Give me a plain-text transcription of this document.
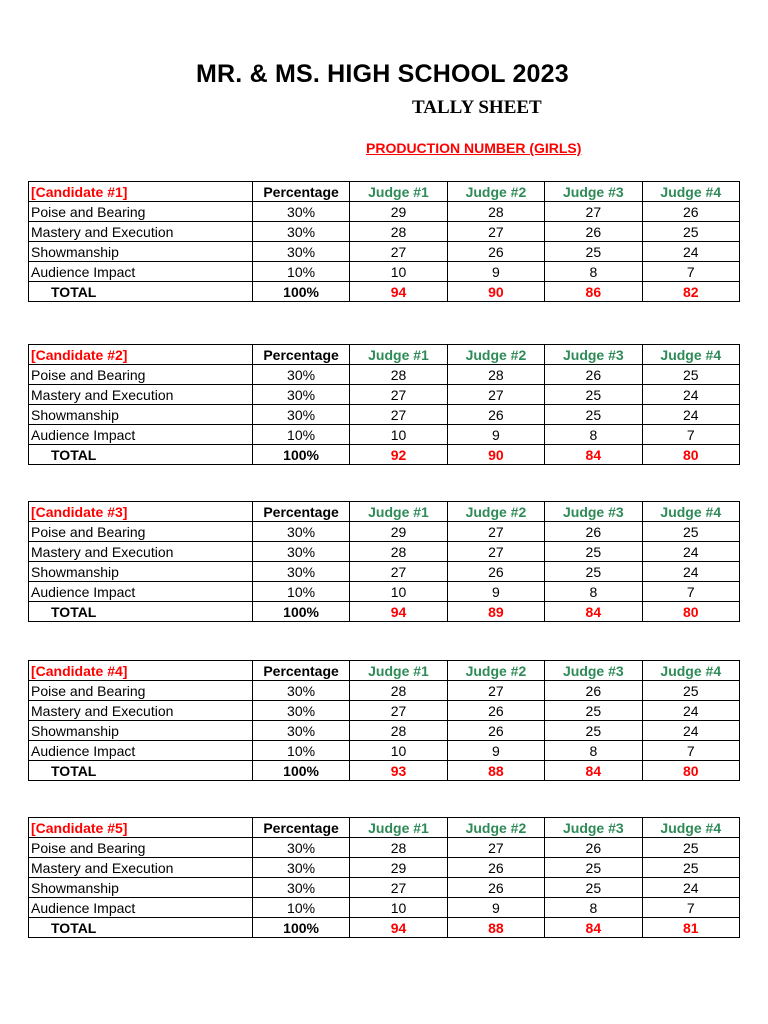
MR. & MS. HIGH SCHOOL 2023
TALLY SHEET
PRODUCTION NUMBER (GIRLS)
[Candidate #1]	Percentage	Judge #1	Judge #2	Judge #3	Judge #4
Poise and Bearing	30%	29	28	27	26
Mastery and Execution	30%	28	27	26	25
Showmanship	30%	27	26	25	24
Audience Impact	10%	10	9	8	7
TOTAL	100%	94	90	86	82
[Candidate #2]	Percentage	Judge #1	Judge #2	Judge #3	Judge #4
Poise and Bearing	30%	28	28	26	25
Mastery and Execution	30%	27	27	25	24
Showmanship	30%	27	26	25	24
Audience Impact	10%	10	9	8	7
TOTAL	100%	92	90	84	80
[Candidate #3]	Percentage	Judge #1	Judge #2	Judge #3	Judge #4
Poise and Bearing	30%	29	27	26	25
Mastery and Execution	30%	28	27	25	24
Showmanship	30%	27	26	25	24
Audience Impact	10%	10	9	8	7
TOTAL	100%	94	89	84	80
[Candidate #4]	Percentage	Judge #1	Judge #2	Judge #3	Judge #4
Poise and Bearing	30%	28	27	26	25
Mastery and Execution	30%	27	26	25	24
Showmanship	30%	28	26	25	24
Audience Impact	10%	10	9	8	7
TOTAL	100%	93	88	84	80
[Candidate #5]	Percentage	Judge #1	Judge #2	Judge #3	Judge #4
Poise and Bearing	30%	28	27	26	25
Mastery and Execution	30%	29	26	25	25
Showmanship	30%	27	26	25	24
Audience Impact	10%	10	9	8	7
TOTAL	100%	94	88	84	81
